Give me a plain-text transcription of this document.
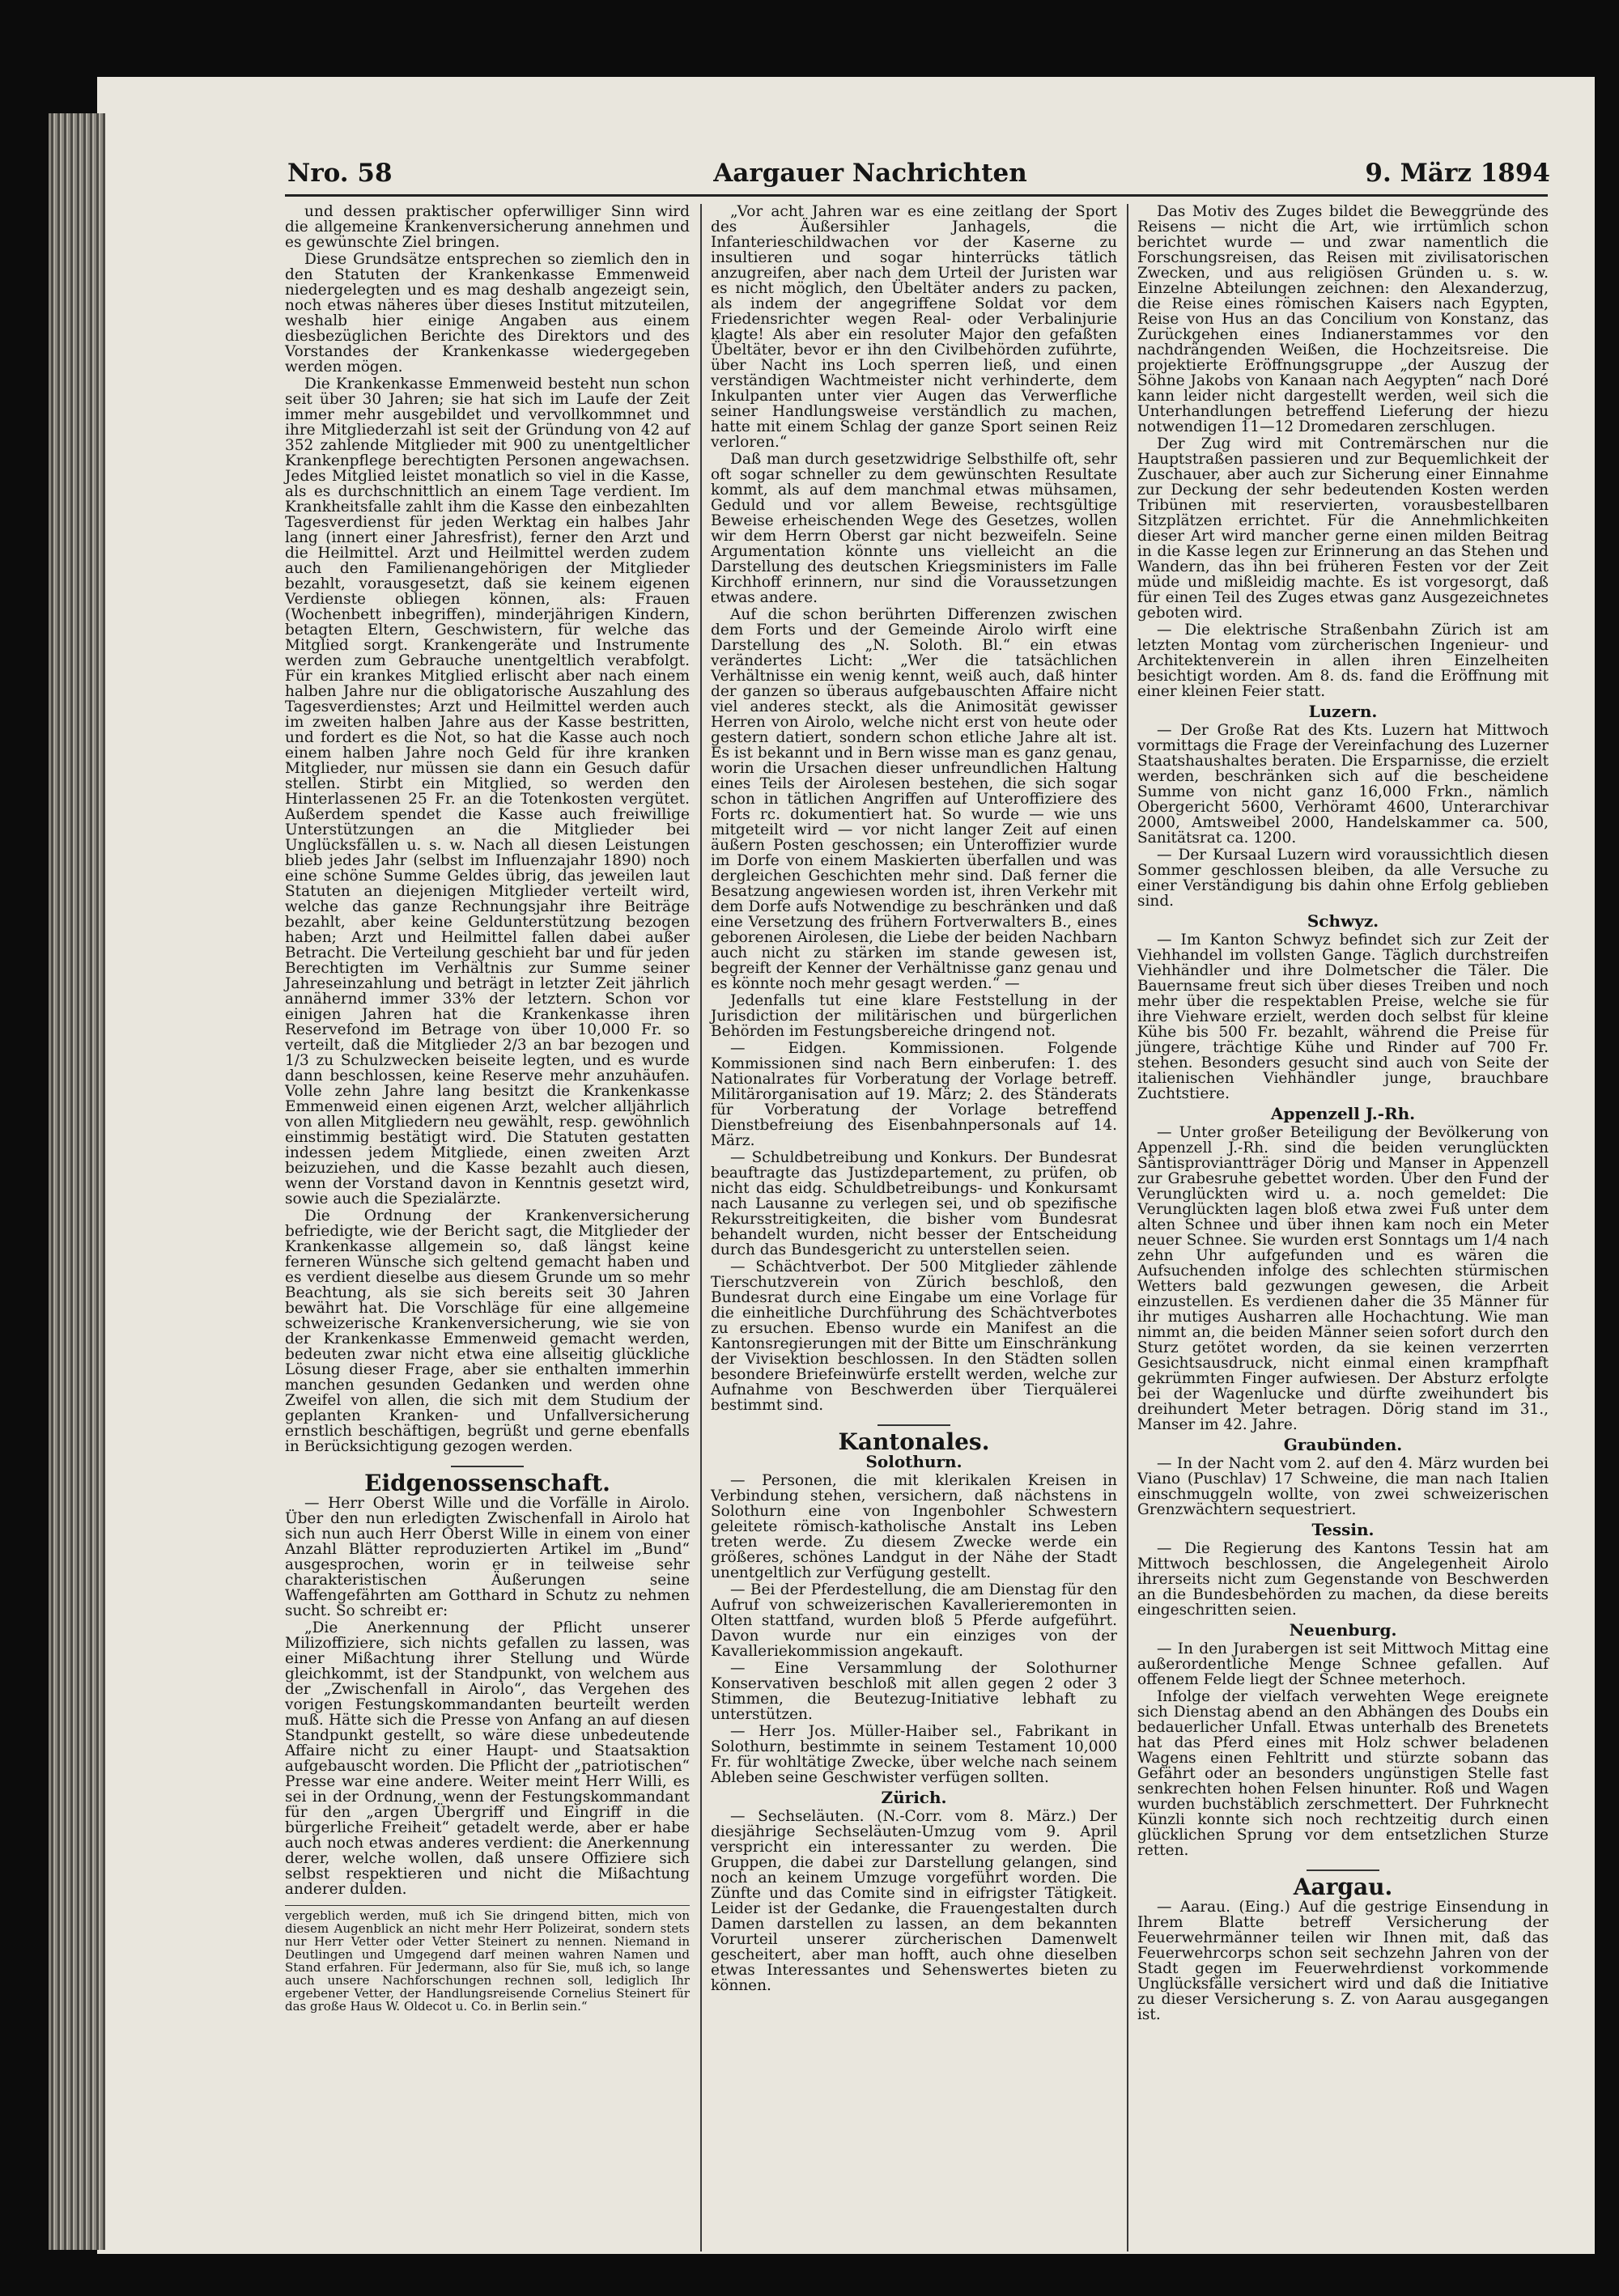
Nro. 58	Aargauer Nachrichten	9. März 1894

und dessen praktischer opferwilliger Sinn wird die allgemeine Krankenversicherung annehmen und es gewünschte Ziel bringen.

Diese Grundsätze entsprechen so ziemlich den in den Statuten der Krankenkasse Emmenweid niedergelegten und es mag deshalb angezeigt sein, noch etwas näheres über dieses Institut mitzuteilen, weshalb hier einige Angaben aus einem diesbezüglichen Berichte des Direktors und des Vorstandes der Krankenkasse wiedergegeben werden mögen.

Die Krankenkasse Emmenweid besteht nun schon seit über 30 Jahren; sie hat sich im Laufe der Zeit immer mehr ausgebildet und vervollkommnet und ihre Mitgliederzahl ist seit der Gründung von 42 auf 352 zahlende Mitglieder mit 900 zu unentgeltlicher Krankenpflege berechtigten Personen angewachsen. Jedes Mitglied leistet monatlich so viel in die Kasse, als es durchschnittlich an einem Tage verdient. Im Krankheitsfalle zahlt ihm die Kasse den einbezahlten Tagesverdienst für jeden Werktag ein halbes Jahr lang (innert einer Jahresfrist), ferner den Arzt und die Heilmittel. Arzt und Heilmittel werden zudem auch den Familienangehörigen der Mitglieder bezahlt, vorausgesetzt, daß sie keinem eigenen Verdienste obliegen können, als: Frauen (Wochenbett inbegriffen), minderjährigen Kindern, betagten Eltern, Geschwistern, für welche das Mitglied sorgt. Krankengeräte und Instrumente werden zum Gebrauche unentgeltlich verabfolgt. Für ein krankes Mitglied erlischt aber nach einem halben Jahre nur die obligatorische Auszahlung des Tagesverdienstes; Arzt und Heilmittel werden auch im zweiten halben Jahre aus der Kasse bestritten, und fordert es die Not, so hat die Kasse auch noch einem halben Jahre noch Geld für ihre kranken Mitglieder, nur müssen sie dann ein Gesuch dafür stellen. Stirbt ein Mitglied, so werden den Hinterlassenen 25 Fr. an die Totenkosten vergütet. Außerdem spendet die Kasse auch freiwillige Unterstützungen an die Mitglieder bei Unglücksfällen u. s. w. Nach all diesen Leistungen blieb jedes Jahr (selbst im Influenzajahr 1890) noch eine schöne Summe Geldes übrig, das jeweilen laut Statuten an diejenigen Mitglieder verteilt wird, welche das ganze Rechnungsjahr ihre Beiträge bezahlt, aber keine Geldunterstützung bezogen haben; Arzt und Heilmittel fallen dabei außer Betracht. Die Verteilung geschieht bar und für jeden Berechtigten im Verhältnis zur Summe seiner Jahreseinzahlung und beträgt in letzter Zeit jährlich annähernd immer 33% der letztern. Schon vor einigen Jahren hat die Krankenkasse ihren Reservefond im Betrage von über 10,000 Fr. so verteilt, daß die Mitglieder 2/3 an bar bezogen und 1/3 zu Schulzwecken beiseite legten, und es wurde dann beschlossen, keine Reserve mehr anzuhäufen. Volle zehn Jahre lang besitzt die Krankenkasse Emmenweid einen eigenen Arzt, welcher alljährlich von allen Mitgliedern neu gewählt, resp. gewöhnlich einstimmig bestätigt wird. Die Statuten gestatten indessen jedem Mitgliede, einen zweiten Arzt beizuziehen, und die Kasse bezahlt auch diesen, wenn der Vorstand davon in Kenntnis gesetzt wird, sowie auch die Spezialärzte.

Die Ordnung der Krankenversicherung befriedigte, wie der Bericht sagt, die Mitglieder der Krankenkasse allgemein so, daß längst keine ferneren Wünsche sich geltend gemacht haben und es verdient dieselbe aus diesem Grunde um so mehr Beachtung, als sie sich bereits seit 30 Jahren bewährt hat. Die Vorschläge für eine allgemeine schweizerische Krankenversicherung, wie sie von der Krankenkasse Emmenweid gemacht werden, bedeuten zwar nicht etwa eine allseitig glückliche Lösung dieser Frage, aber sie enthalten immerhin manchen gesunden Gedanken und werden ohne Zweifel von allen, die sich mit dem Studium der geplanten Kranken- und Unfallversicherung ernstlich beschäftigen, begrüßt und gerne ebenfalls in Berücksichtigung gezogen werden.

Eidgenossenschaft.

— Herr Oberst Wille und die Vorfälle in Airolo. Über den nun erledigten Zwischenfall in Airolo hat sich nun auch Herr Oberst Wille in einem von einer Anzahl Blätter reproduzierten Artikel im „Bund“ ausgesprochen, worin er in teilweise sehr charakteristischen Äußerungen seine Waffengefährten am Gotthard in Schutz zu nehmen sucht. So schreibt er:

„Die Anerkennung der Pflicht unserer Milizoffiziere, sich nichts gefallen zu lassen, was einer Mißachtung ihrer Stellung und Würde gleichkommt, ist der Standpunkt, von welchem aus der „Zwischenfall in Airolo“, das Vergehen des vorigen Festungskommandanten beurteilt werden muß. Hätte sich die Presse von Anfang an auf diesen Standpunkt gestellt, so wäre diese unbedeutende Affaire nicht zu einer Haupt- und Staatsaktion aufgebauscht worden. Die Pflicht der „patriotischen“ Presse war eine andere. Weiter meint Herr Willi, es sei in der Ordnung, wenn der Festungskommandant für den „argen Übergriff und Eingriff in die bürgerliche Freiheit“ getadelt werde, aber er habe auch noch etwas anderes verdient: die Anerkennung derer, welche wollen, daß unsere Offiziere sich selbst respektieren und nicht die Mißachtung anderer dulden.

vergeblich werden, muß ich Sie dringend bitten, mich von diesem Augenblick an nicht mehr Herr Polizeirat, sondern stets nur Herr Vetter oder Vetter Steinert zu nennen. Niemand in Deutlingen und Umgegend darf meinen wahren Namen und Stand erfahren. Für Jedermann, also für Sie, muß ich, so lange auch unsere Nachforschungen rechnen soll, lediglich Ihr ergebener Vetter, der Handlungsreisende Cornelius Steinert für das große Haus W. Oldecot u. Co. in Berlin sein.“

„Vor acht Jahren war es eine zeitlang der Sport des Äußersihler Janhagels, die Infanterieschildwachen vor der Kaserne zu insultieren und sogar hinterrücks tätlich anzugreifen, aber nach dem Urteil der Juristen war es nicht möglich, den Übeltäter anders zu packen, als indem der angegriffene Soldat vor dem Friedensrichter wegen Real- oder Verbalinjurie klagte! Als aber ein resoluter Major den gefaßten Übeltäter, bevor er ihn den Civilbehörden zuführte, über Nacht ins Loch sperren ließ, und einen verständigen Wachtmeister nicht verhinderte, dem Inkulpanten unter vier Augen das Verwerfliche seiner Handlungsweise verständlich zu machen, hatte mit einem Schlag der ganze Sport seinen Reiz verloren.“

Daß man durch gesetzwidrige Selbsthilfe oft, sehr oft sogar schneller zu dem gewünschten Resultate kommt, als auf dem manchmal etwas mühsamen, Geduld und vor allem Beweise, rechtsgültige Beweise erheischenden Wege des Gesetzes, wollen wir dem Herrn Oberst gar nicht bezweifeln. Seine Argumentation könnte uns vielleicht an die Darstellung des deutschen Kriegsministers im Falle Kirchhoff erinnern, nur sind die Voraussetzungen etwas andere.

Auf die schon berührten Differenzen zwischen dem Forts und der Gemeinde Airolo wirft eine Darstellung des „N. Soloth. Bl.“ ein etwas verändertes Licht: „Wer die tatsächlichen Verhältnisse ein wenig kennt, weiß auch, daß hinter der ganzen so überaus aufgebauschten Affaire nicht viel anderes steckt, als die Animosität gewisser Herren von Airolo, welche nicht erst von heute oder gestern datiert, sondern schon etliche Jahre alt ist. Es ist bekannt und in Bern wisse man es ganz genau, worin die Ursachen dieser unfreundlichen Haltung eines Teils der Airolesen bestehen, die sich sogar schon in tätlichen Angriffen auf Unteroffiziere des Forts rc. dokumentiert hat. So wurde — wie uns mitgeteilt wird — vor nicht langer Zeit auf einen äußern Posten geschossen; ein Unteroffizier wurde im Dorfe von einem Maskierten überfallen und was dergleichen Geschichten mehr sind. Daß ferner die Besatzung angewiesen worden ist, ihren Verkehr mit dem Dorfe aufs Notwendige zu beschränken und daß eine Versetzung des frühern Fortverwalters B., eines geborenen Airolesen, die Liebe der beiden Nachbarn auch nicht zu stärken im stande gewesen ist, begreift der Kenner der Verhältnisse ganz genau und es könnte noch mehr gesagt werden.“ —

Jedenfalls tut eine klare Feststellung in der Jurisdiction der militärischen und bürgerlichen Behörden im Festungsbereiche dringend not.

— Eidgen. Kommissionen. Folgende Kommissionen sind nach Bern einberufen: 1. des Nationalrates für Vorberatung der Vorlage betreff. Militärorganisation auf 19. März; 2. des Ständerats für Vorberatung der Vorlage betreffend Dienstbefreiung des Eisenbahnpersonals auf 14. März.

— Schuldbetreibung und Konkurs. Der Bundesrat beauftragte das Justizdepartement, zu prüfen, ob nicht das eidg. Schuldbetreibungs- und Konkursamt nach Lausanne zu verlegen sei, und ob spezifische Rekursstreitigkeiten, die bisher vom Bundesrat behandelt wurden, nicht besser der Entscheidung durch das Bundesgericht zu unterstellen seien.

— Schächtverbot. Der 500 Mitglieder zählende Tierschutzverein von Zürich beschloß, den Bundesrat durch eine Eingabe um eine Vorlage für die einheitliche Durchführung des Schächtverbotes zu ersuchen. Ebenso wurde ein Manifest an die Kantonsregierungen mit der Bitte um Einschränkung der Vivisektion beschlossen. In den Städten sollen besondere Briefeinwürfe erstellt werden, welche zur Aufnahme von Beschwerden über Tierquälerei bestimmt sind.

Kantonales.
Solothurn.

— Personen, die mit klerikalen Kreisen in Verbindung stehen, versichern, daß nächstens in Solothurn eine von Ingenbohler Schwestern geleitete römisch-katholische Anstalt ins Leben treten werde. Zu diesem Zwecke werde ein größeres, schönes Landgut in der Nähe der Stadt unentgeltlich zur Verfügung gestellt.

— Bei der Pferdestellung, die am Dienstag für den Aufruf von schweizerischen Kavallerieremonten in Olten stattfand, wurden bloß 5 Pferde aufgeführt. Davon wurde nur ein einziges von der Kavalleriekommission angekauft.

— Eine Versammlung der Solothurner Konservativen beschloß mit allen gegen 2 oder 3 Stimmen, die Beutezug-Initiative lebhaft zu unterstützen.

— Herr Jos. Müller-Haiber sel., Fabrikant in Solothurn, bestimmte in seinem Testament 10,000 Fr. für wohltätige Zwecke, über welche nach seinem Ableben seine Geschwister verfügen sollten.

Zürich.

— Sechseläuten. (N.-Corr. vom 8. März.) Der diesjährige Sechseläuten-Umzug vom 9. April verspricht ein interessanter zu werden. Die Gruppen, die dabei zur Darstellung gelangen, sind noch an keinem Umzuge vorgeführt worden. Die Zünfte und das Comite sind in eifrigster Tätigkeit. Leider ist der Gedanke, die Frauengestalten durch Damen darstellen zu lassen, an dem bekannten Vorurteil unserer zürcherischen Damenwelt gescheitert, aber man hofft, auch ohne dieselben etwas Interessantes und Sehenswertes bieten zu können.

Das Motiv des Zuges bildet die Beweggründe des Reisens — nicht die Art, wie irrtümlich schon berichtet wurde — und zwar namentlich die Forschungsreisen, das Reisen mit zivilisatorischen Zwecken, und aus religiösen Gründen u. s. w. Einzelne Abteilungen zeichnen: den Alexanderzug, die Reise eines römischen Kaisers nach Egypten, Reise von Hus an das Concilium von Konstanz, das Zurückgehen eines Indianerstammes vor den nachdrängenden Weißen, die Hochzeitsreise. Die projektierte Eröffnungsgruppe „der Auszug der Söhne Jakobs von Kanaan nach Aegypten“ nach Doré kann leider nicht dargestellt werden, weil sich die Unterhandlungen betreffend Lieferung der hiezu notwendigen 11—12 Dromedaren zerschlugen.

Der Zug wird mit Contremärschen nur die Hauptstraßen passieren und zur Bequemlichkeit der Zuschauer, aber auch zur Sicherung einer Einnahme zur Deckung der sehr bedeutenden Kosten werden Tribünen mit reservierten, vorausbestellbaren Sitzplätzen errichtet. Für die Annehmlichkeiten dieser Art wird mancher gerne einen milden Beitrag in die Kasse legen zur Erinnerung an das Stehen und Wandern, das ihn bei früheren Festen vor der Zeit müde und mißleidig machte. Es ist vorgesorgt, daß für einen Teil des Zuges etwas ganz Ausgezeichnetes geboten wird.

— Die elektrische Straßenbahn Zürich ist am letzten Montag vom zürcherischen Ingenieur- und Architektenverein in allen ihren Einzelheiten besichtigt worden. Am 8. ds. fand die Eröffnung mit einer kleinen Feier statt.

Luzern.

— Der Große Rat des Kts. Luzern hat Mittwoch vormittags die Frage der Vereinfachung des Luzerner Staatshaushaltes beraten. Die Ersparnisse, die erzielt werden, beschränken sich auf die bescheidene Summe von nicht ganz 16,000 Frkn., nämlich Obergericht 5600, Verhöramt 4600, Unterarchivar 2000, Amtsweibel 2000, Handelskammer ca. 500, Sanitätsrat ca. 1200.

— Der Kursaal Luzern wird voraussichtlich diesen Sommer geschlossen bleiben, da alle Versuche zu einer Verständigung bis dahin ohne Erfolg geblieben sind.

Schwyz.

— Im Kanton Schwyz befindet sich zur Zeit der Viehhandel im vollsten Gange. Täglich durchstreifen Viehhändler und ihre Dolmetscher die Täler. Die Bauernsame freut sich über dieses Treiben und noch mehr über die respektablen Preise, welche sie für ihre Viehware erzielt, werden doch selbst für kleine Kühe bis 500 Fr. bezahlt, während die Preise für jüngere, trächtige Kühe und Rinder auf 700 Fr. stehen. Besonders gesucht sind auch von Seite der italienischen Viehhändler junge, brauchbare Zuchtstiere.

Appenzell J.-Rh.

— Unter großer Beteiligung der Bevölkerung von Appenzell J.-Rh. sind die beiden verunglückten Säntisproviantträger Dörig und Manser in Appenzell zur Grabesruhe gebettet worden. Über den Fund der Verunglückten wird u. a. noch gemeldet: Die Verunglückten lagen bloß etwa zwei Fuß unter dem alten Schnee und über ihnen kam noch ein Meter neuer Schnee. Sie wurden erst Sonntags um 1/4 nach zehn Uhr aufgefunden und es wären die Aufsuchenden infolge des schlechten stürmischen Wetters bald gezwungen gewesen, die Arbeit einzustellen. Es verdienen daher die 35 Männer für ihr mutiges Ausharren alle Hochachtung. Wie man nimmt an, die beiden Männer seien sofort durch den Sturz getötet worden, da sie keinen verzerrten Gesichtsausdruck, nicht einmal einen krampfhaft gekrümmten Finger aufwiesen. Der Absturz erfolgte bei der Wagenlucke und dürfte zweihundert bis dreihundert Meter betragen. Dörig stand im 31., Manser im 42. Jahre.

Graubünden.

— In der Nacht vom 2. auf den 4. März wurden bei Viano (Puschlav) 17 Schweine, die man nach Italien einschmuggeln wollte, von zwei schweizerischen Grenzwächtern sequestriert.

Tessin.

— Die Regierung des Kantons Tessin hat am Mittwoch beschlossen, die Angelegenheit Airolo ihrerseits nicht zum Gegenstande von Beschwerden an die Bundesbehörden zu machen, da diese bereits eingeschritten seien.

Neuenburg.

— In den Jurabergen ist seit Mittwoch Mittag eine außerordentliche Menge Schnee gefallen. Auf offenem Felde liegt der Schnee meterhoch.

Infolge der vielfach verwehten Wege ereignete sich Dienstag abend an den Abhängen des Doubs ein bedauerlicher Unfall. Etwas unterhalb des Brenetets hat das Pferd eines mit Holz schwer beladenen Wagens einen Fehltritt und stürzte sobann das Gefährt oder an besonders ungünstigen Stelle fast senkrechten hohen Felsen hinunter. Roß und Wagen wurden buchstäblich zerschmettert. Der Fuhrknecht Künzli konnte sich noch rechtzeitig durch einen glücklichen Sprung vor dem entsetzlichen Sturze retten.

Aargau.

— Aarau. (Eing.) Auf die gestrige Einsendung in Ihrem Blatte betreff Versicherung der Feuerwehrmänner teilen wir Ihnen mit, daß das Feuerwehrcorps schon seit sechzehn Jahren von der Stadt gegen im Feuerwehrdienst vorkommende Unglücksfälle versichert wird und daß die Initiative zu dieser Versicherung s. Z. von Aarau ausgegangen ist.
